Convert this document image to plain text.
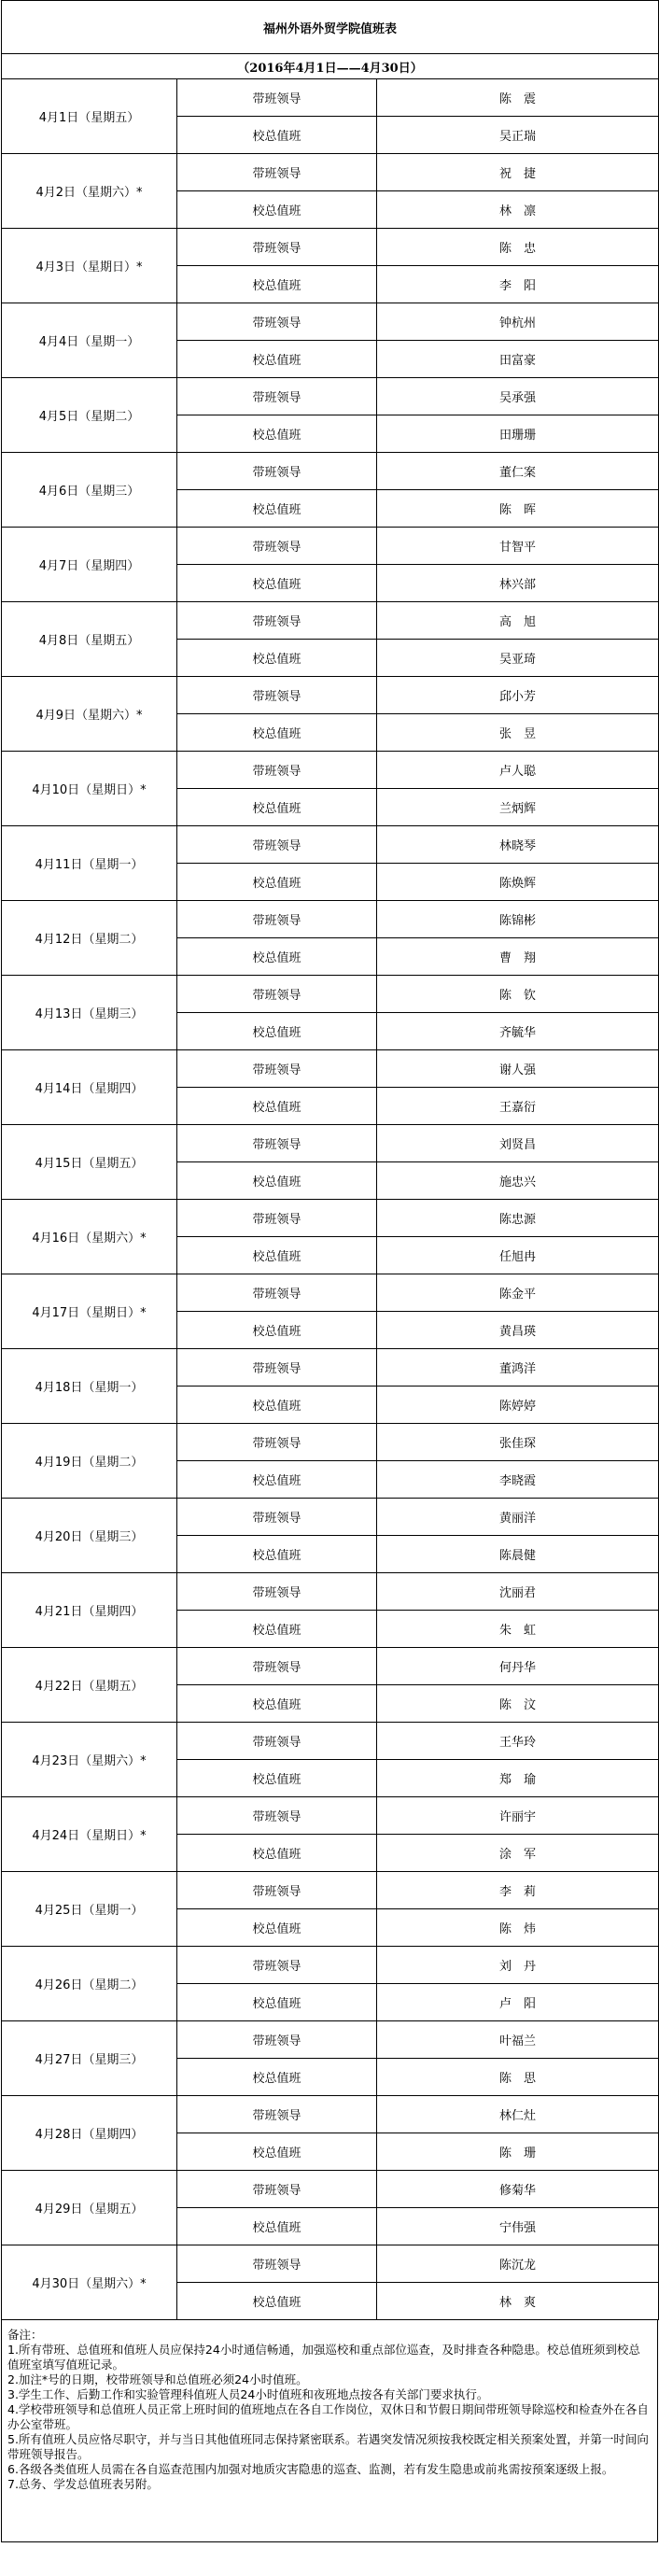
福州外语外贸学院值班表		
（2016年4月1日——4月30日）		
4月1日（星期五）	带班领导	陈　震
	校总值班	吴正瑞
4月2日（星期六）*	带班领导	祝　捷
	校总值班	林　凛
4月3日（星期日）*	带班领导	陈　忠
	校总值班	李　阳
4月4日（星期一）	带班领导	钟杭州
	校总值班	田富豪
4月5日（星期二）	带班领导	吴承强
	校总值班	田珊珊
4月6日（星期三）	带班领导	董仁案
	校总值班	陈　晖
4月7日（星期四）	带班领导	甘智平
	校总值班	林兴部
4月8日（星期五）	带班领导	高　旭
	校总值班	吴亚琦
4月9日（星期六）*	带班领导	邱小芳
	校总值班	张　昱
4月10日（星期日）*	带班领导	卢人聪
	校总值班	兰炳辉
4月11日（星期一）	带班领导	林晓琴
	校总值班	陈焕辉
4月12日（星期二）	带班领导	陈锦彬
	校总值班	曹　翔
4月13日（星期三）	带班领导	陈　钦
	校总值班	齐毓华
4月14日（星期四）	带班领导	谢人强
	校总值班	王嘉衍
4月15日（星期五）	带班领导	刘贤昌
	校总值班	施忠兴
4月16日（星期六）*	带班领导	陈忠源
	校总值班	任旭冉
4月17日（星期日）*	带班领导	陈金平
	校总值班	黄昌瑛
4月18日（星期一）	带班领导	董鸿洋
	校总值班	陈婷婷
4月19日（星期二）	带班领导	张佳琛
	校总值班	李晓霞
4月20日（星期三）	带班领导	黄丽洋
	校总值班	陈晨健
4月21日（星期四）	带班领导	沈丽君
	校总值班	朱　虹
4月22日（星期五）	带班领导	何丹华
	校总值班	陈　汶
4月23日（星期六）*	带班领导	王华玲
	校总值班	郑　瑜
4月24日（星期日）*	带班领导	许丽宇
	校总值班	涂　军
4月25日（星期一）	带班领导	李　莉
	校总值班	陈　炜
4月26日（星期二）	带班领导	刘　丹
	校总值班	卢　阳
4月27日（星期三）	带班领导	叶福兰
	校总值班	陈　思
4月28日（星期四）	带班领导	林仁灶
	校总值班	陈　珊
4月29日（星期五）	带班领导	修菊华
	校总值班	宁伟强
4月30日（星期六）*	带班领导	陈沉龙
	校总值班	林　爽

备注：

1.所有带班、总值班和值班人员应保持24小时通信畅通，加强巡校和重点部位巡查，及时排查各种隐患。校总值班须到校总值班室填写值班记录。

2.加注*号的日期，校带班领导和总值班必须24小时值班。

3.学生工作、后勤工作和实验管理科值班人员24小时值班和夜班地点按各有关部门要求执行。

4.学校带班领导和总值班人员正常上班时间的值班地点在各自工作岗位，双休日和节假日期间带班领导除巡校和检查外在各自办公室带班。

5.所有值班人员应恪尽职守，并与当日其他值班同志保持紧密联系。若遇突发情况须按我校既定相关预案处置，并第一时间向带班领导报告。

6.各级各类值班人员需在各自巡查范围内加强对地质灾害隐患的巡查、监测，若有发生隐患或前兆需按预案逐级上报。

7.总务、学发总值班表另附。
